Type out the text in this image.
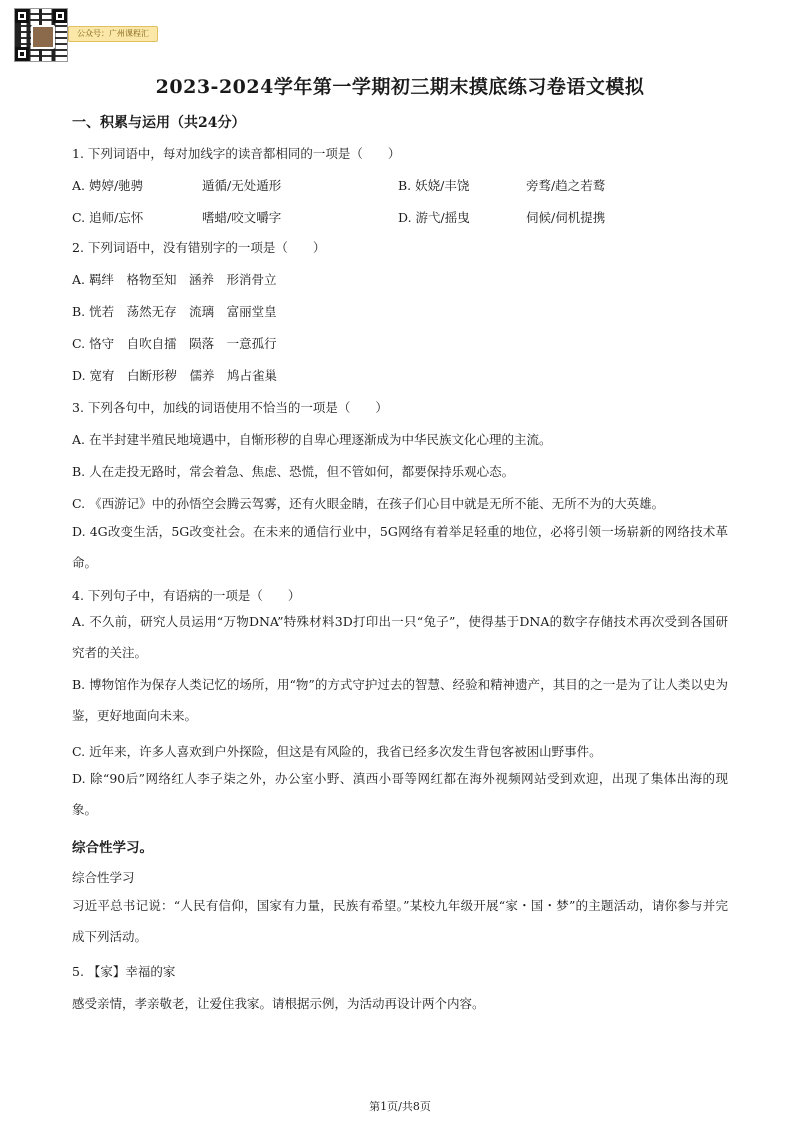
公众号：广州课程汇
2023-2024学年第一学期初三期末摸底练习卷语文模拟
一、积累与运用（共24分）
1. 下列词语中，每对加线字的读音都相同的一项是（　　）
A. 娉婷/驰骋	遁循/无处遁形	B. 妖娆/丰饶	旁骛/趋之若鹜
C. 追师/忘怀	嗜蜡/咬文嚼字	D. 游弋/摇曳	伺候/伺机提携
2. 下列词语中，没有错别字的一项是（　　）
A. 羁绊　格物至知　涵养　形消骨立
B. 恍若　荡然无存　流璃　富丽堂皇
C. 恪守　自吹自擂　陨落　一意孤行
D. 宽宥　白断形秽　儒养　鸠占雀巢
3. 下列各句中，加线的词语使用不恰当的一项是（　　）
A. 在半封建半殖民地境遇中，自惭形秽的自卑心理逐渐成为中华民族文化心理的主流。
B. 人在走投无路时，常会着急、焦虑、恐慌，但不管如何，都要保持乐观心态。
C. 《西游记》中的孙悟空会腾云驾雾，还有火眼金睛，在孩子们心目中就是无所不能、无所不为的大英雄。
D. 4G改变生活，5G改变社会。在未来的通信行业中，5G网络有着举足轻重的地位，必将引领一场崭新的网络技术革命。
4. 下列句子中，有语病的一项是（　　）
A. 不久前，研究人员运用“万物DNA”特殊材料3D打印出一只“兔子”，使得基于DNA的数字存储技术再次受到各国研究者的关注。
B. 博物馆作为保存人类记忆的场所，用“物”的方式守护过去的智慧、经验和精神遗产，其目的之一是为了让人类以史为鉴，更好地面向未来。
C. 近年来，许多人喜欢到户外探险，但这是有风险的，我省已经多次发生背包客被困山野事件。
D. 除“90后”网络红人李子柒之外，办公室小野、滇西小哥等网红都在海外视频网站受到欢迎，出现了集体出海的现象。
综合性学习。
综合性学习
习近平总书记说：“人民有信仰，国家有力量，民族有希望。”某校九年级开展“家・国・梦”的主题活动，请你参与并完成下列活动。
5. 【家】幸福的家
感受亲情，孝亲敬老，让爱住我家。请根据示例，为活动再设计两个内容。
第1页/共8页
